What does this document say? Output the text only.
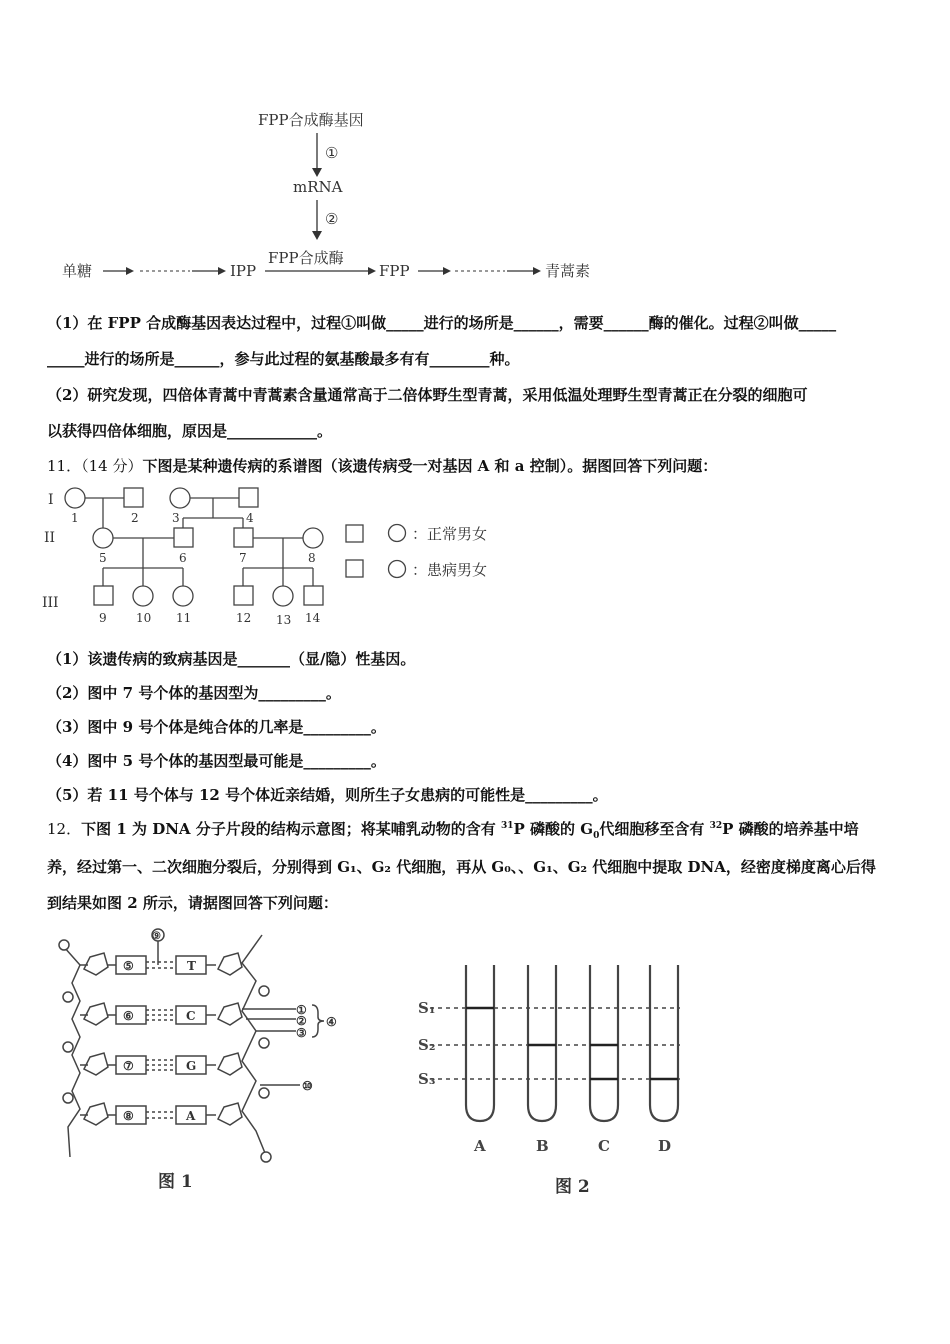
FPP合成酶基因
①
mRNA
②
FPP合成酶
单糖	IPP	FPP	青蒿素
（1）在 FPP 合成酶基因表达过程中，过程①叫做_____进行的场所是______，需要______酶的催化。过程②叫做_____
_____进行的场所是______，参与此过程的氨基酸最多有有________种。
（2）研究发现，四倍体青蒿中青蒿素含量通常高于二倍体野生型青蒿，采用低温处理野生型青蒿正在分裂的细胞可
以获得四倍体细胞，原因是____________。
11．（14 分）下图是某种遗传病的系谱图（该遗传病受一对基因 A 和 a 控制）。据图回答下列问题：
I
II
III
1	2	3	4
5	6	7	8
9 10 11	12 13 14
：正常男女
：患病男女
（1）该遗传病的致病基因是_______（显/隐）性基因。
（2）图中 7 号个体的基因型为_________。
（3）图中 9 号个体是纯合体的几率是_________。
（4）图中 5 号个体的基因型最可能是_________。
（5）若 11 号个体与 12 号个体近亲结婚，则所生子女患病的可能性是_________。
12．下图 1 为 DNA 分子片段的结构示意图；将某哺乳动物的含有 $^{31}$P 磷酸的 $G_0$代细胞移至含有 $^{32}$P 磷酸的培养基中培
养，经过第一、二次细胞分裂后，分别得到 G₁、G₂ 代细胞，再从 G₀、、G₁、G₂ 代细胞中提取 DNA，经密度梯度离心后得
到结果如图 2 所示，请据图回答下列问题：
⑤	T
⑥	C
⑦	G
⑧	A
⑨
①
②
③
④
⑩
图 1
S₁
S₂
S₃
A	B	C	D
图 2
